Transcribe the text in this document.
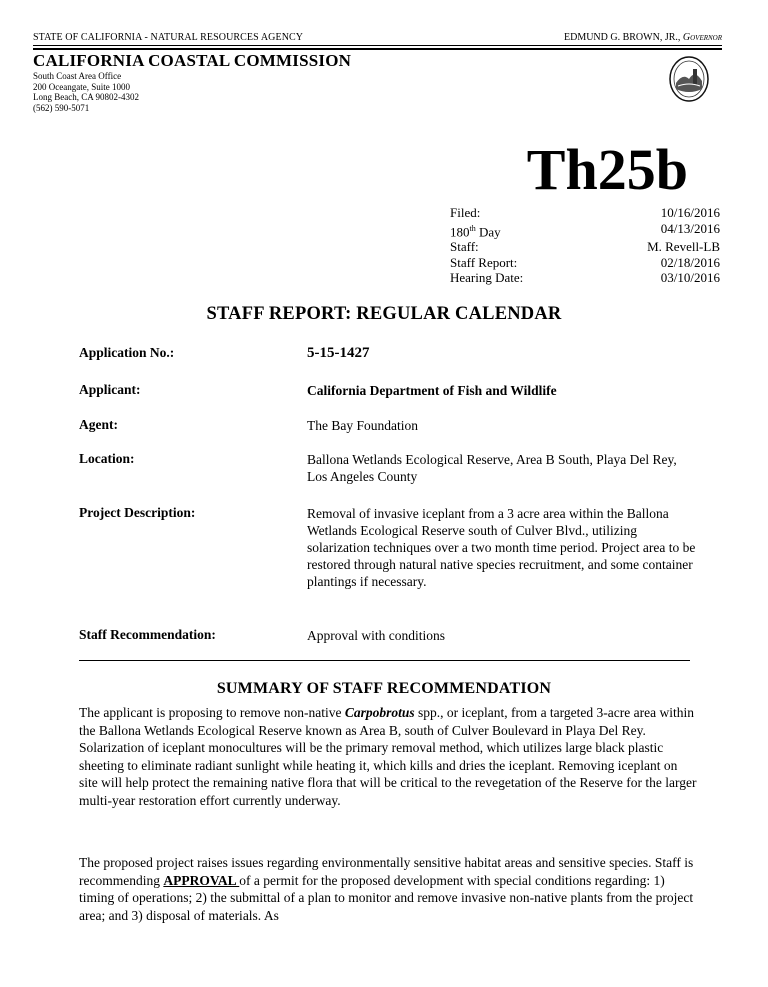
STATE OF CALIFORNIA - NATURAL RESOURCES AGENCY	EDMUND G. BROWN, JR., Governor
CALIFORNIA COASTAL COMMISSION
South Coast Area Office
200 Oceangate, Suite 1000
Long Beach, CA 90802-4302
(562) 590-5071
Th25b
Filed:	10/16/2016
180th Day	04/13/2016
Staff:	M. Revell-LB
Staff Report:	02/18/2016
Hearing Date:	03/10/2016
STAFF REPORT: REGULAR CALENDAR
Application No.:	5-15-1427
Applicant:	California Department of Fish and Wildlife
Agent:	The Bay Foundation
Location:	Ballona Wetlands Ecological Reserve, Area B South, Playa Del Rey, Los Angeles County
Project Description:	Removal of invasive iceplant from a 3 acre area within the Ballona Wetlands Ecological Reserve south of Culver Blvd., utilizing solarization techniques over a two month time period. Project area to be restored through natural native species recruitment, and some container plantings if necessary.
Staff Recommendation:	Approval with conditions
SUMMARY OF STAFF RECOMMENDATION

The applicant is proposing to remove non-native Carpobrotus spp., or iceplant, from a targeted 3-acre area within the Ballona Wetlands Ecological Reserve known as Area B, south of Culver Boulevard in Playa Del Rey. Solarization of iceplant monocultures will be the primary removal method, which utilizes large black plastic sheeting to eliminate radiant sunlight while heating it, which kills and dries the iceplant. Removing iceplant on site will help protect the remaining native flora that will be critical to the revegetation of the Reserve for the larger multi-year restoration effort currently underway.

The proposed project raises issues regarding environmentally sensitive habitat areas and sensitive species. Staff is recommending APPROVAL of a permit for the proposed development with special conditions regarding: 1) timing of operations; 2) the submittal of a plan to monitor and remove invasive non-native plants from the project area; and 3) disposal of materials. As
